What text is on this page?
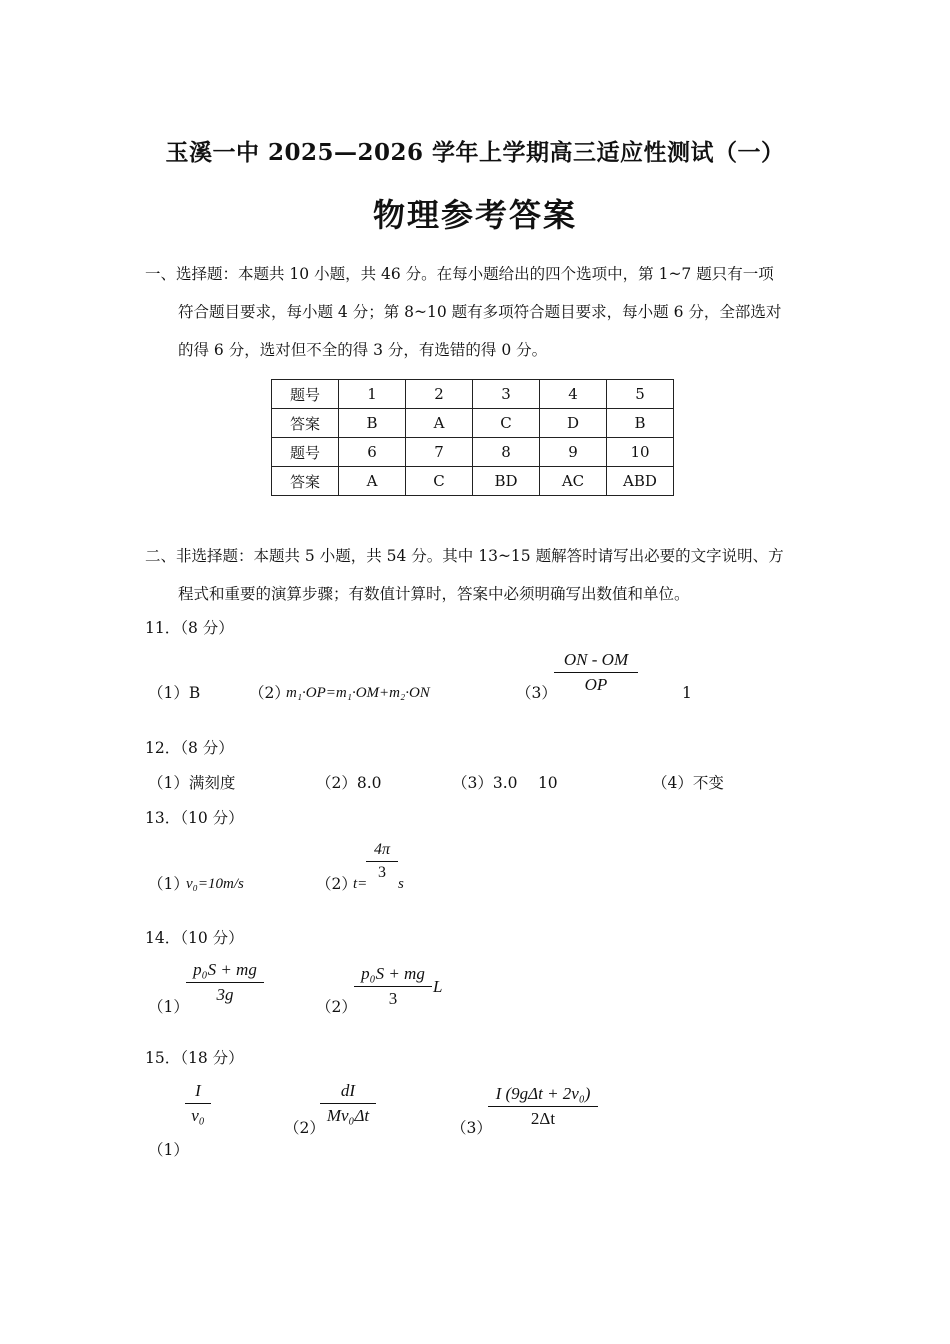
玉溪一中 2025—2026 学年上学期高三适应性测试（一）
物理参考答案
一、选择题：本题共 10 小题，共 46 分。在每小题给出的四个选项中，第 1~7 题只有一项
符合题目要求，每小题 4 分；第 8~10 题有多项符合题目要求，每小题 6 分，全部选对
的得 6 分，选对但不全的得 3 分，有选错的得 0 分。
题号	1	2	3	4	5
答案	B	A	C	D	B
题号	6	7	8	9	10
答案	A	C	BD	AC	ABD
二、非选择题：本题共 5 小题，共 54 分。其中 13~15 题解答时请写出必要的文字说明、方
程式和重要的演算步骤；有数值计算时，答案中必须明确写出数值和单位。
11．（8 分）
（1）B	（2）
m₁·OP=m₁·OM+m₂·ON	（3）
$\frac{ON - OM}{OP}$	1
12．（8 分）
（1）满刻度	（2）8.0	（3）3.0　 10	（4）不变
13．（10 分）
（1）
v₀=10m/s	（2）
t=
$\frac{4\pi}{3}$
s
14．（10 分）
（1）
$\frac{\text{p₀S + mg}}{3g}$
（2）
$\frac{\text{p₀S + mg}}{3}$ L
15．（18 分）
（1）
$\frac{I}{\text{v₀}}$
（2）
$\frac{dI}{\text{Mv₀Δt}}$
（3）
I (9gΔt + 2v₀)
2Δt
